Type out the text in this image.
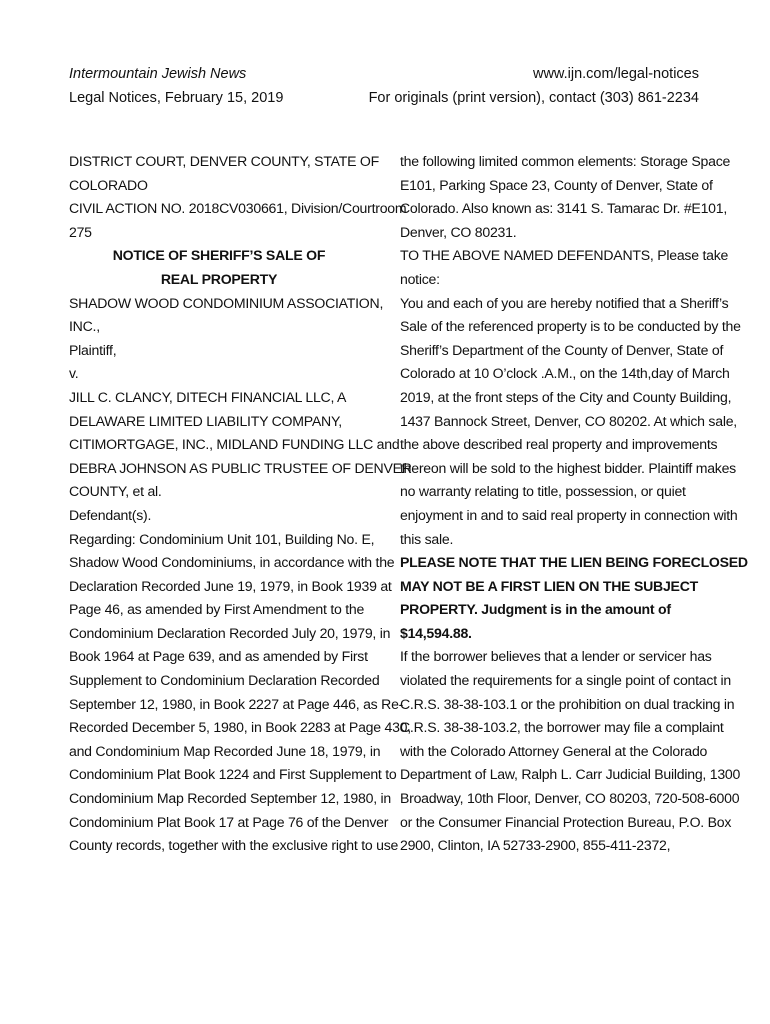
Intermountain Jewish News
Legal Notices, February 15, 2019
www.ijn.com/legal-notices
For originals (print version), contact (303) 861-2234
DISTRICT COURT, DENVER COUNTY, STATE OF
COLORADO
CIVIL ACTION NO. 2018CV030661, Division/Courtroom
275
NOTICE OF SHERIFF’S SALE OF
REAL PROPERTY
SHADOW WOOD CONDOMINIUM ASSOCIATION,
INC.,
Plaintiff,
v.
JILL C. CLANCY, DITECH FINANCIAL LLC, A
DELAWARE LIMITED LIABILITY COMPANY,
CITIMORTGAGE, INC., MIDLAND FUNDING LLC and
DEBRA JOHNSON AS PUBLIC TRUSTEE OF DENVER
COUNTY, et al.
Defendant(s).
Regarding: Condominium Unit 101, Building No. E,
Shadow Wood Condominiums, in accordance with the
Declaration Recorded June 19, 1979, in Book 1939 at
Page 46, as amended by First Amendment to the
Condominium Declaration Recorded July 20, 1979, in
Book 1964 at Page 639, and as amended by First
Supplement to Condominium Declaration Recorded
September 12, 1980, in Book 2227 at Page 446, as Re-
Recorded December 5, 1980, in Book 2283 at Page 430,
and Condominium Map Recorded June 18, 1979, in
Condominium Plat Book 1224 and First Supplement to
Condominium Map Recorded September 12, 1980, in
Condominium Plat Book 17 at Page 76 of the Denver
County records, together with the exclusive right to use
the following limited common elements: Storage Space
E101, Parking Space 23, County of Denver, State of
Colorado. Also known as: 3141 S. Tamarac Dr. #E101,
Denver, CO 80231.
TO THE ABOVE NAMED DEFENDANTS, Please take
notice:
You and each of you are hereby notified that a Sheriff’s
Sale of the referenced property is to be conducted by the
Sheriff’s Department of the County of Denver, State of
Colorado at 10 O’clock .A.M., on the 14th,day of March
2019, at the front steps of the City and County Building,
1437 Bannock Street, Denver, CO 80202. At which sale,
the above described real property and improvements
thereon will be sold to the highest bidder. Plaintiff makes
no warranty relating to title, possession, or quiet
enjoyment in and to said real property in connection with
this sale.
PLEASE NOTE THAT THE LIEN BEING FORECLOSED
MAY NOT BE A FIRST LIEN ON THE SUBJECT
PROPERTY. Judgment is in the amount of
$14,594.88.
If the borrower believes that a lender or servicer has
violated the requirements for a single point of contact in
C.R.S. 38-38-103.1 or the prohibition on dual tracking in
C.R.S. 38-38-103.2, the borrower may file a complaint
with the Colorado Attorney General at the Colorado
Department of Law, Ralph L. Carr Judicial Building, 1300
Broadway, 10th Floor, Denver, CO 80203, 720-508-6000
or the Consumer Financial Protection Bureau, P.O. Box
2900, Clinton, IA 52733-2900, 855-411-2372,
